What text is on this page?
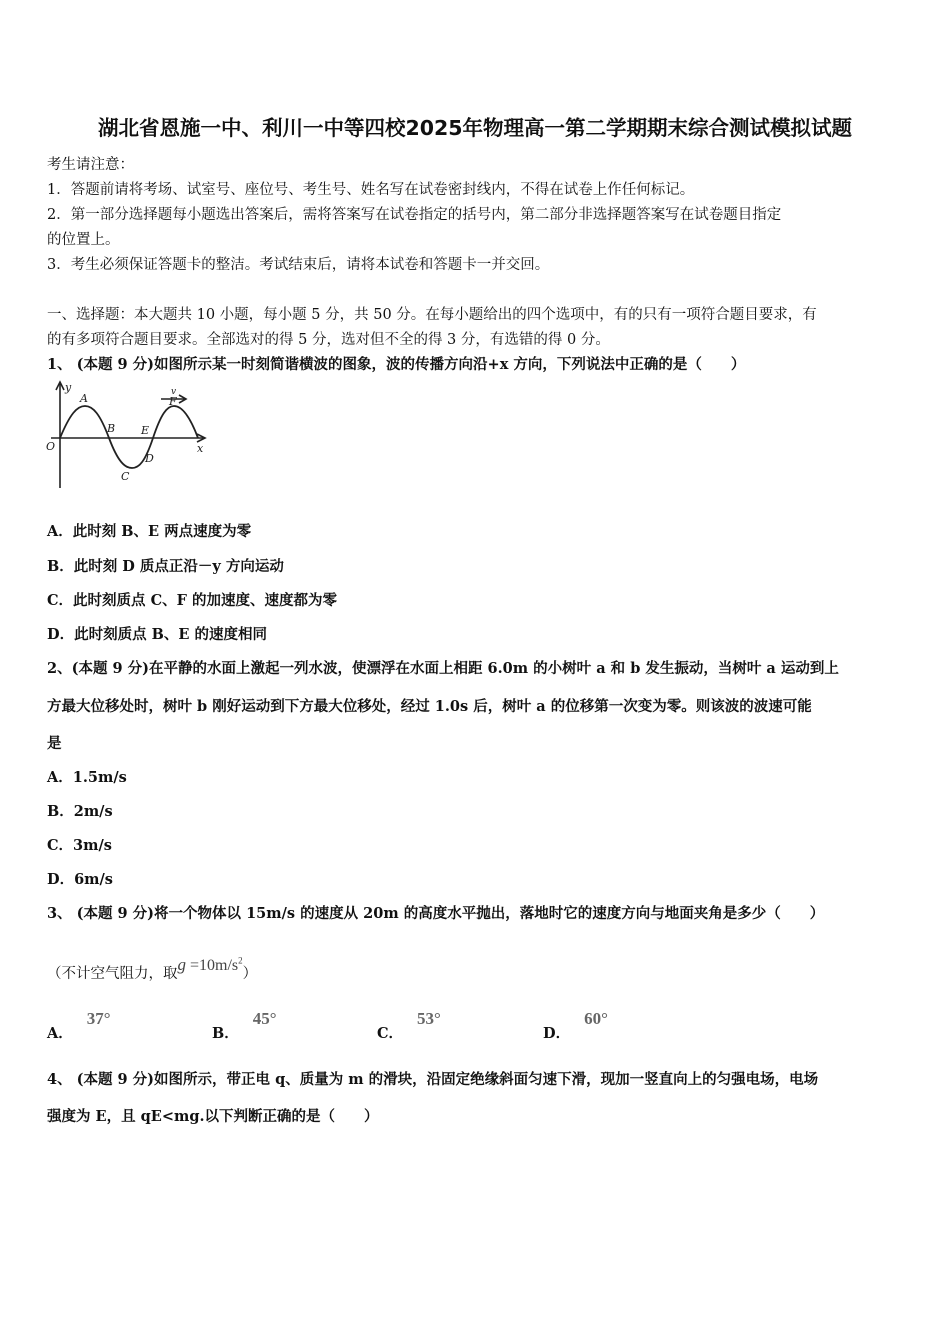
湖北省恩施一中、利川一中等四校2025年物理高一第二学期期末综合测试模拟试题
考生请注意：
1．答题前请将考场、试室号、座位号、考生号、姓名写在试卷密封线内，不得在试卷上作任何标记。
2．第一部分选择题每小题选出答案后，需将答案写在试卷指定的括号内，第二部分非选择题答案写在试卷题目指定
的位置上。
3．考生必须保证答题卡的整洁。考试结束后，请将本试卷和答题卡一并交回。
一、选择题：本大题共 10 小题，每小题 5 分，共 50 分。在每小题给出的四个选项中，有的只有一项符合题目要求，有
的有多项符合题目要求。全部选对的得 5 分，选对但不全的得 3 分，有选错的得 0 分。
1、 (本题 9 分)如图所示某一时刻简谐横波的图象，波的传播方向沿+x 方向，下列说法中正确的是（　　）
y
O	x
v
A
B
C
D
E
F
A．此时刻 B、E 两点速度为零
B．此时刻 D 质点正沿－y 方向运动
C．此时刻质点 C、F 的加速度、速度都为零
D．此时刻质点 B、E 的速度相同
2、(本题 9 分)在平静的水面上激起一列水波，使漂浮在水面上相距 6.0m 的小树叶 a 和 b 发生振动，当树叶 a 运动到上
方最大位移处时，树叶 b 刚好运动到下方最大位移处，经过 1.0s 后，树叶 a 的位移第一次变为零。则该波的波速可能
是
A．1.5m/s
B．2m/s
C．3m/s
D．6m/s
3、 (本题 9 分)将一个物体以 15m/s 的速度从 20m 的高度水平抛出，落地时它的速度方向与地面夹角是多少（　　）
（不计空气阻力，取$g =10m/s^2$）
A．37°
B．45°
C．53°
D．60°
4、 (本题 9 分)如图所示，带正电 q、质量为 m 的滑块，沿固定绝缘斜面匀速下滑，现加一竖直向上的匀强电场，电场
强度为 E，且 qE<mg.以下判断正确的是（　　）
